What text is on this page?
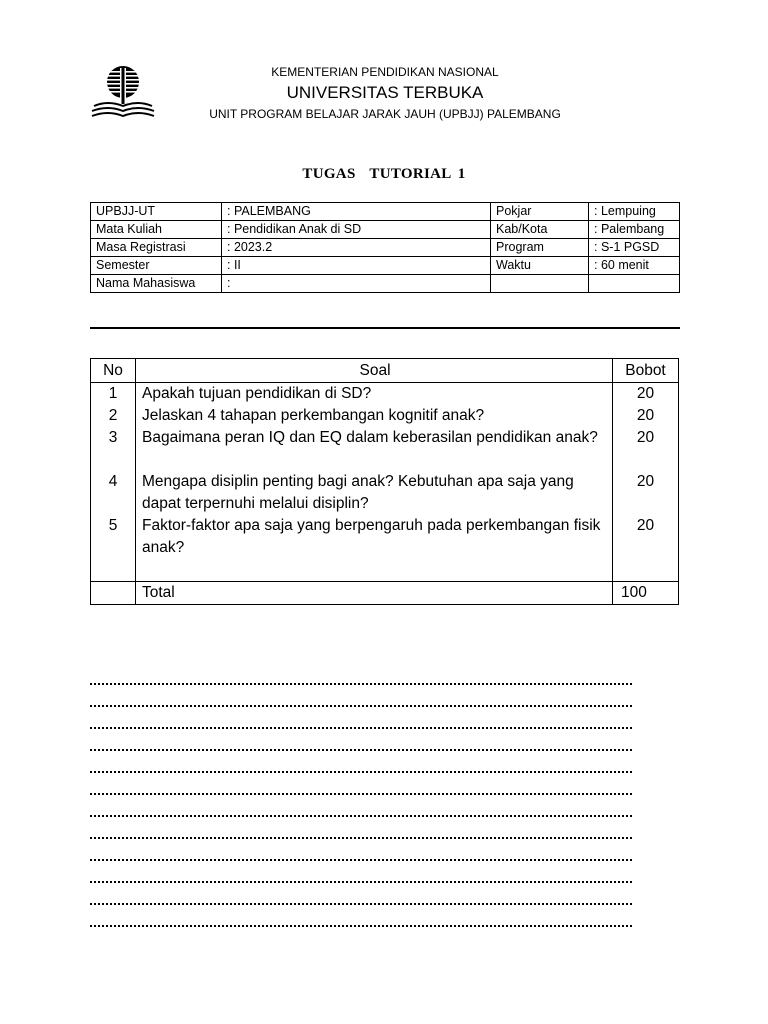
KEMENTERIAN PENDIDIKAN NASIONAL
UNIVERSITAS TERBUKA
UNIT PROGRAM BELAJAR JARAK JAUH (UPBJJ) PALEMBANG
TUGAS  TUTORIAL 1
UPBJJ-UT	: PALEMBANG	Pokjar	: Lempuing
Mata Kuliah	: Pendidikan Anak di SD	Kab/Kota	: Palembang
Masa Registrasi	: 2023.2	Program	: S-1 PGSD
Semester	: II	Waktu	: 60 menit
Nama Mahasiswa	:		
No	Soal	Bobot
1	Apakah tujuan pendidikan di SD?	20
2	Jelaskan 4 tahapan perkembangan kognitif anak?	20
3	Bagaimana peran IQ dan EQ dalam keberasilan pendidikan anak?	20
4	Mengapa disiplin penting bagi anak? Kebutuhan apa saja yang dapat terpernuhi melalui disiplin?	20
5	Faktor-faktor apa saja yang berpengaruh pada perkembangan fisik anak?	20

	Total	100
